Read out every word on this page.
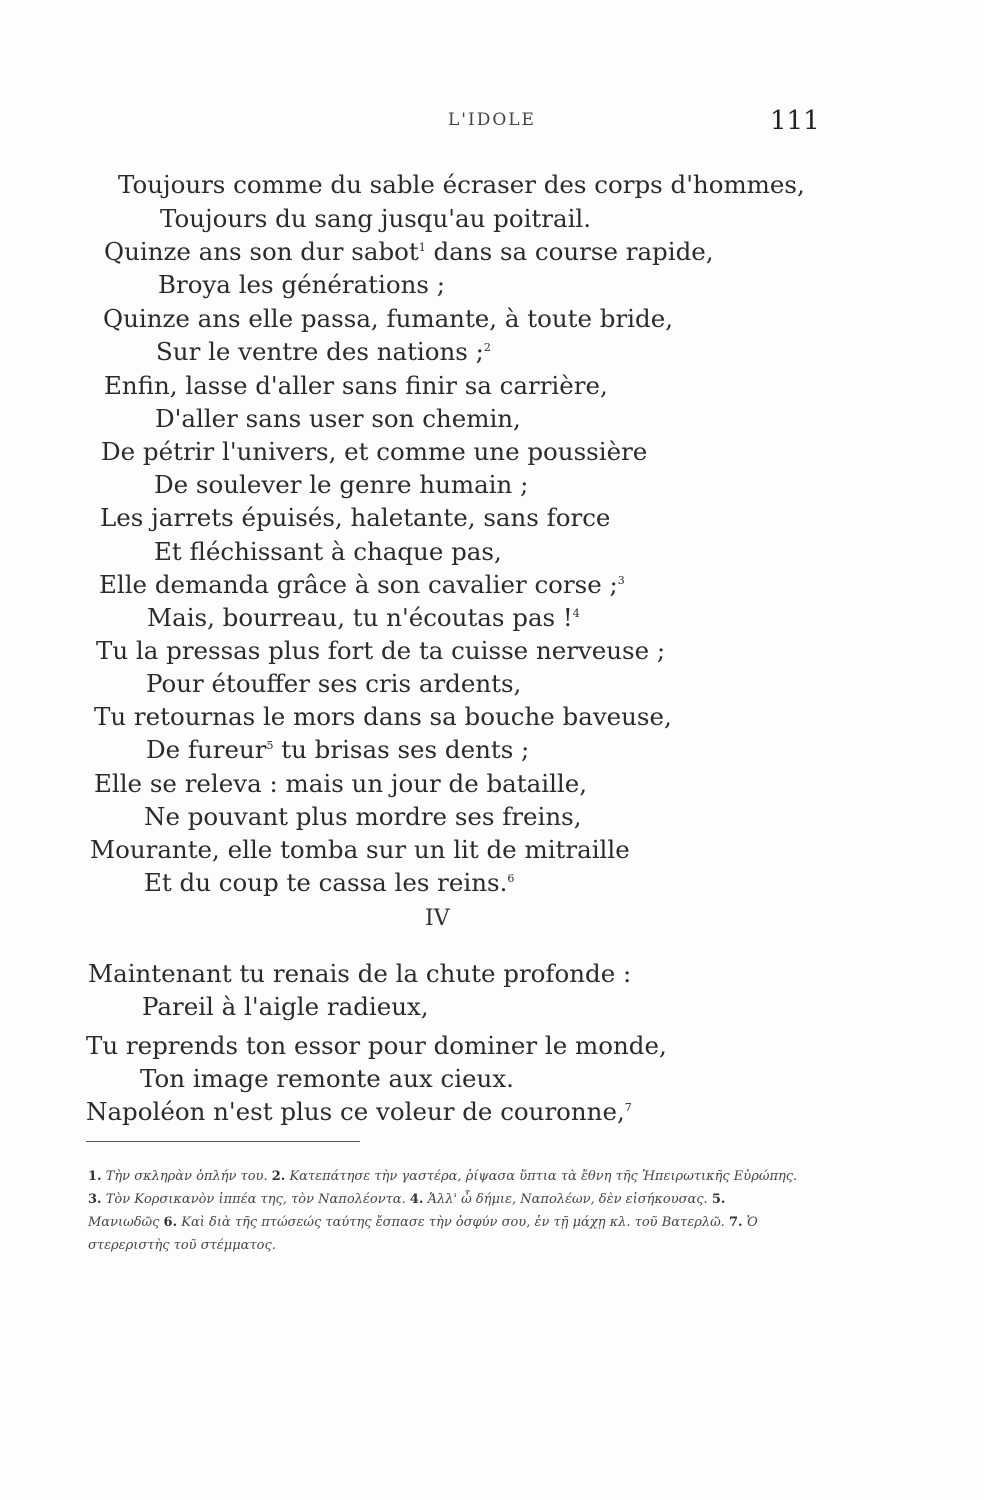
L'IDOLE	111
Toujours comme du sable écraser des corps d'hommes,
Toujours du sang jusqu'au poitrail.
Quinze ans son dur sabot$^1$ dans sa course rapide,
Broya les générations ;
Quinze ans elle passa, fumante, à toute bride,
Sur le ventre des nations ;$^2$
Enfin, lasse d'aller sans finir sa carrière,
D'aller sans user son chemin,
De pétrir l'univers, et comme une poussière
De soulever le genre humain ;
Les jarrets épuisés, haletante, sans force
Et fléchissant à chaque pas,
Elle demanda grâce à son cavalier corse ;$^3$
Mais, bourreau, tu n'écoutas pas !$^4$
Tu la pressas plus fort de ta cuisse nerveuse ;
Pour étouffer ses cris ardents,
Tu retournas le mors dans sa bouche baveuse,
De fureur$^5$ tu brisas ses dents ;
Elle se releva : mais un jour de bataille,
Ne pouvant plus mordre ses freins,
Mourante, elle tomba sur un lit de mitraille
Et du coup te cassa les reins.$^6$
IV
Maintenant tu renais de la chute profonde :
Pareil à l'aigle radieux,
Tu reprends ton essor pour dominer le monde,
Ton image remonte aux cieux.
Napoléon n'est plus ce voleur de couronne,$^7$
1. Τὴν σκληρὰν ὁπλήν του. 2. Κατεπάτησε τὴν γαστέρα, ῥίψασα ὕπτια τὰ ἔθνη τῆς Ἠπειρωτικῆς Εὐρώπης. 3. Τὸν Κορσικανὸν ἱππέα της, τὸν Ναπολέοντα. 4. Ἀλλ' ὦ δήμιε, Ναπολέων, δὲν εἰσήκουσας. 5. Μανιωδῶς 6. Καὶ διὰ τῆς πτώσεώς ταύτης ἔσπασε τὴν ὀσφύν σου, ἐν τῇ μάχῃ κλ. τοῦ Βατερλῶ. 7. Ὁ στερεριστὴς τοῦ στέμματος.
